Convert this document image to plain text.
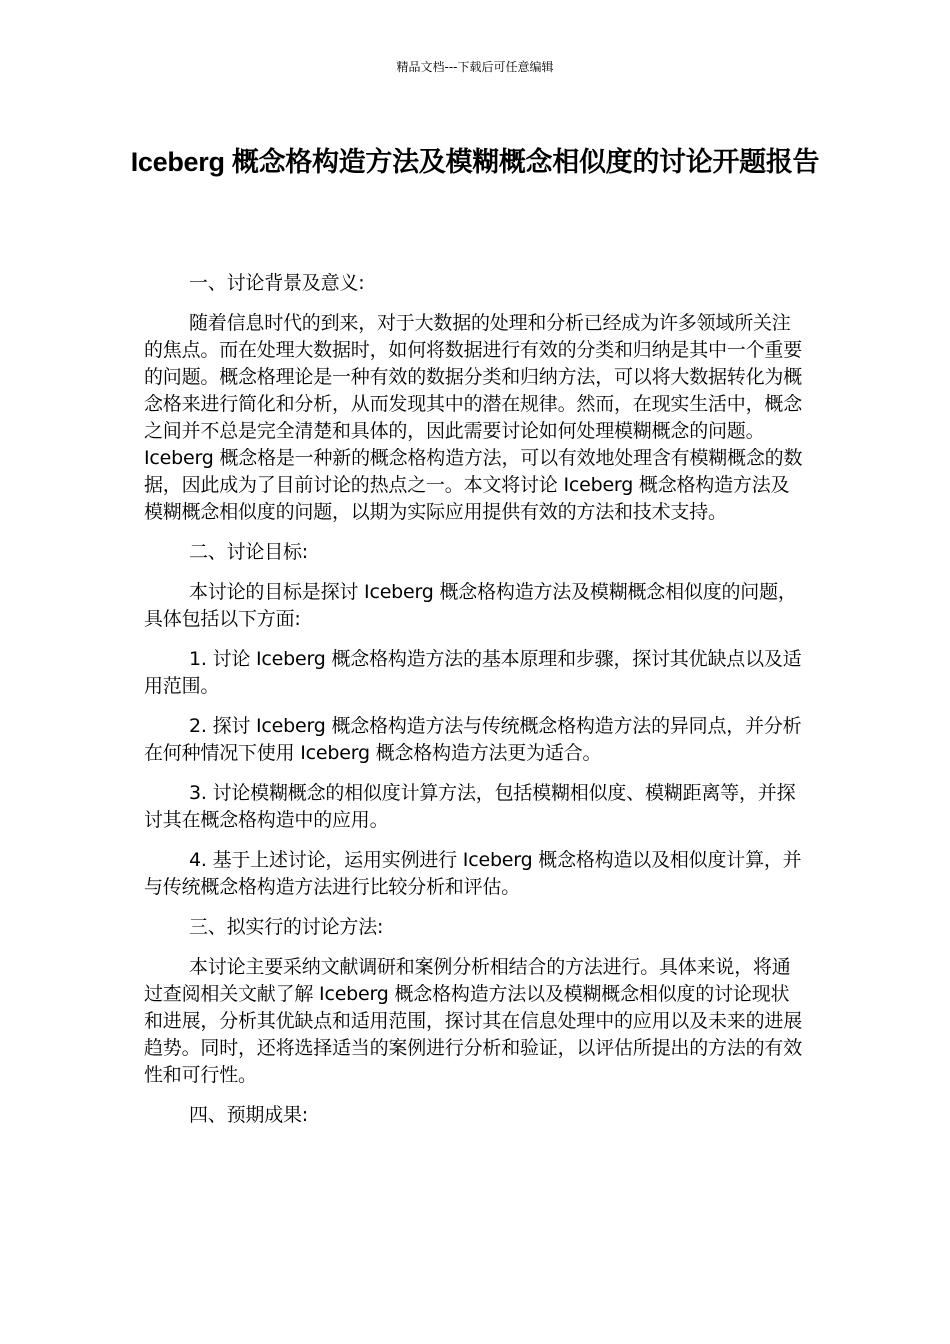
精品文档---下载后可任意编辑
Iceberg 概念格构造方法及模糊概念相似度的讨论开题报告

一、讨论背景及意义:

随着信息时代的到来，对于大数据的处理和分析已经成为许多领域所关注的焦点。而在处理大数据时，如何将数据进行有效的分类和归纳是其中一个重要的问题。概念格理论是一种有效的数据分类和归纳方法，可以将大数据转化为概念格来进行简化和分析，从而发现其中的潜在规律。然而，在现实生活中，概念之间并不总是完全清楚和具体的，因此需要讨论如何处理模糊概念的问题。Iceberg 概念格是一种新的概念格构造方法，可以有效地处理含有模糊概念的数据，因此成为了目前讨论的热点之一。本文将讨论 Iceberg 概念格构造方法及模糊概念相似度的问题，以期为实际应用提供有效的方法和技术支持。

二、讨论目标:

本讨论的目标是探讨 Iceberg 概念格构造方法及模糊概念相似度的问题，具体包括以下方面:

1. 讨论 Iceberg 概念格构造方法的基本原理和步骤，探讨其优缺点以及适用范围。

2. 探讨 Iceberg 概念格构造方法与传统概念格构造方法的异同点，并分析在何种情况下使用 Iceberg 概念格构造方法更为适合。

3. 讨论模糊概念的相似度计算方法，包括模糊相似度、模糊距离等，并探讨其在概念格构造中的应用。

4. 基于上述讨论，运用实例进行 Iceberg 概念格构造以及相似度计算，并与传统概念格构造方法进行比较分析和评估。

三、拟实行的讨论方法:

本讨论主要采纳文献调研和案例分析相结合的方法进行。具体来说，将通过查阅相关文献了解 Iceberg 概念格构造方法以及模糊概念相似度的讨论现状和进展，分析其优缺点和适用范围，探讨其在信息处理中的应用以及未来的进展趋势。同时，还将选择适当的案例进行分析和验证，以评估所提出的方法的有效性和可行性。

四、预期成果:
